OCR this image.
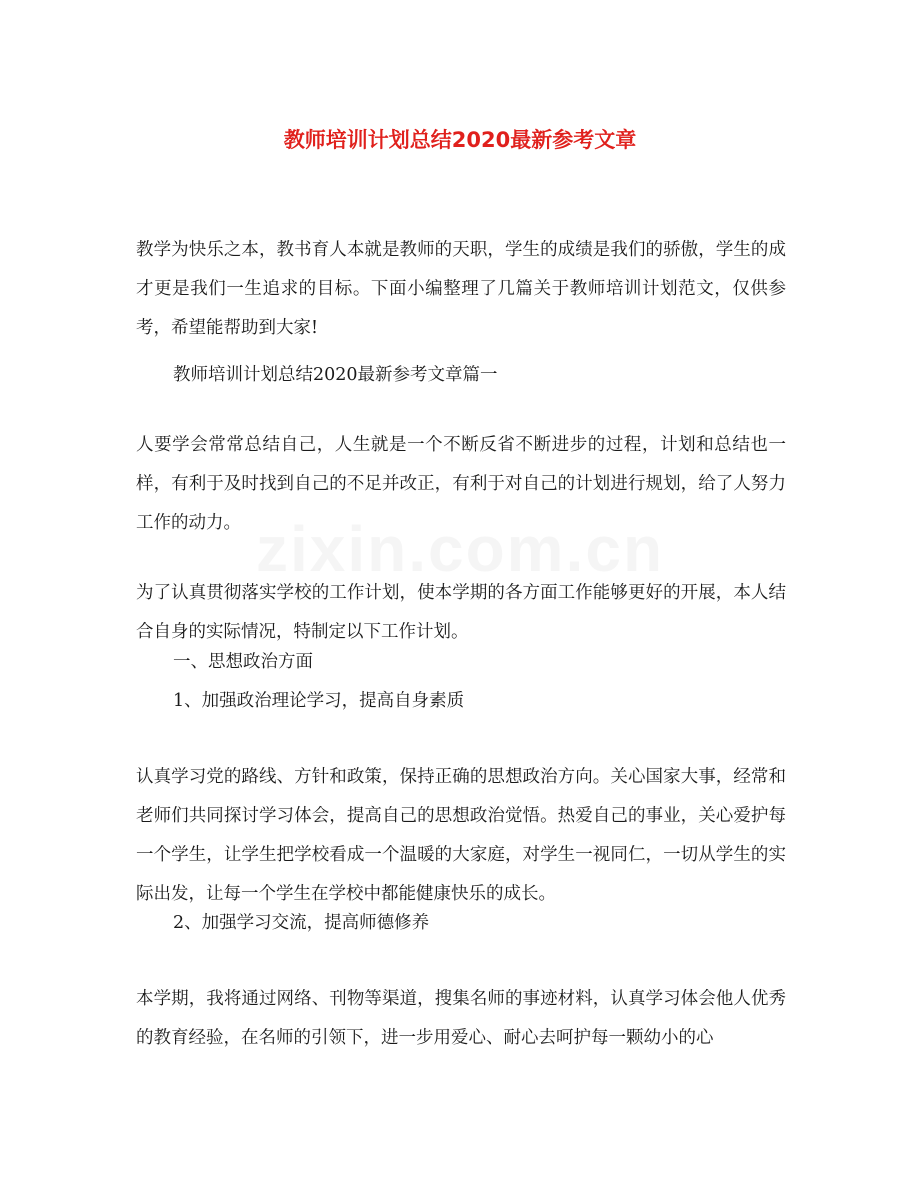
教师培训计划总结2020最新参考文章
zixin.com.cn
教学为快乐之本，教书育人本就是教师的天职，学生的成绩是我们的骄傲，学生的成才更是我们一生追求的目标。下面小编整理了几篇关于教师培训计划范文，仅供参考，希望能帮助到大家!
教师培训计划总结2020最新参考文章篇一
人要学会常常总结自己，人生就是一个不断反省不断进步的过程，计划和总结也一样，有利于及时找到自己的不足并改正，有利于对自己的计划进行规划，给了人努力工作的动力。
为了认真贯彻落实学校的工作计划，使本学期的各方面工作能够更好的开展，本人结合自身的实际情况，特制定以下工作计划。
一、思想政治方面
1、加强政治理论学习，提高自身素质
认真学习党的路线、方针和政策，保持正确的思想政治方向。关心国家大事，经常和老师们共同探讨学习体会，提高自己的思想政治觉悟。热爱自己的事业，关心爱护每一个学生，让学生把学校看成一个温暖的大家庭，对学生一视同仁，一切从学生的实际出发，让每一个学生在学校中都能健康快乐的成长。
2、加强学习交流，提高师德修养
本学期，我将通过网络、刊物等渠道，搜集名师的事迹材料，认真学习体会他人优秀的教育经验，在名师的引领下，进一步用爱心、耐心去呵护每一颗幼小的心
